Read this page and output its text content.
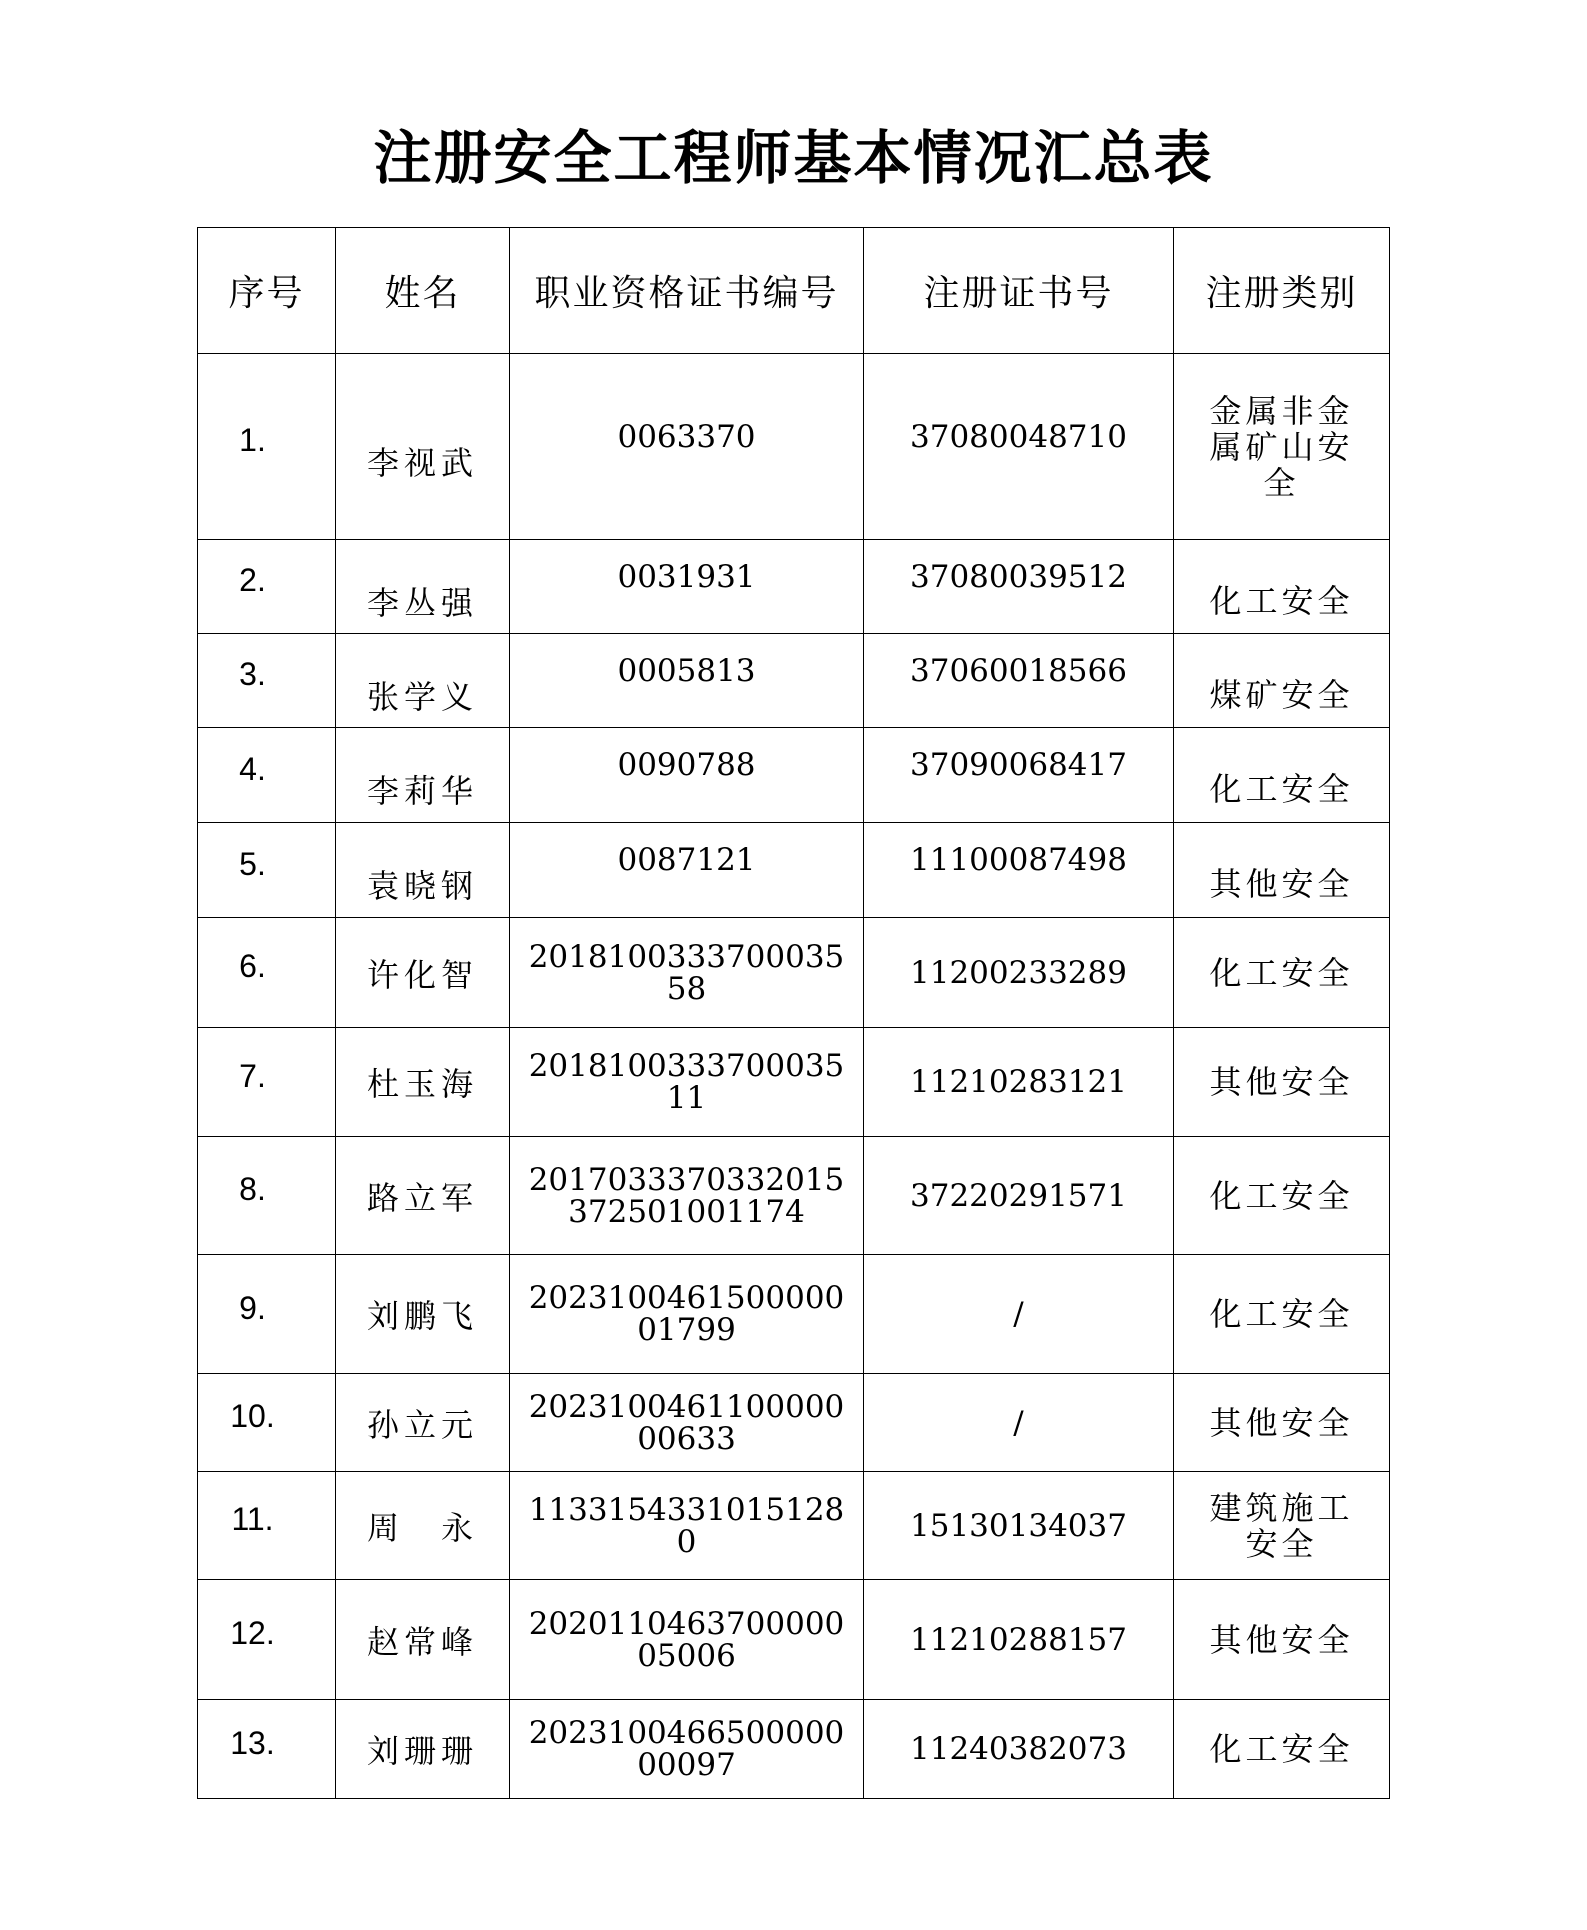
注册安全工程师基本情况汇总表
序号	姓名	职业资格证书编号	注册证书号	注册类别
1.	李视武	0063370	37080048710	金属非金属矿山安全
2.	李丛强	0031931	37080039512	化工安全
3.	张学义	0005813	37060018566	煤矿安全
4.	李莉华	0090788	37090068417	化工安全
5.	袁晓钢	0087121	11100087498	其他安全
6.	许化智	201810033370003558	11200233289	化工安全
7.	杜玉海	201810033370003511	11210283121	其他安全
8.	路立军	2017033370332015372501001174	37220291571	化工安全
9.	刘鹏飞	202310046150000001799	/	化工安全
10.	孙立元	202310046110000000633	/	其他安全
11.	周　永	11331543310151280	15130134037	建筑施工安全
12.	赵常峰	202011046370000005006	11210288157	其他安全
13.	刘珊珊	202310046650000000097	11240382073	化工安全
